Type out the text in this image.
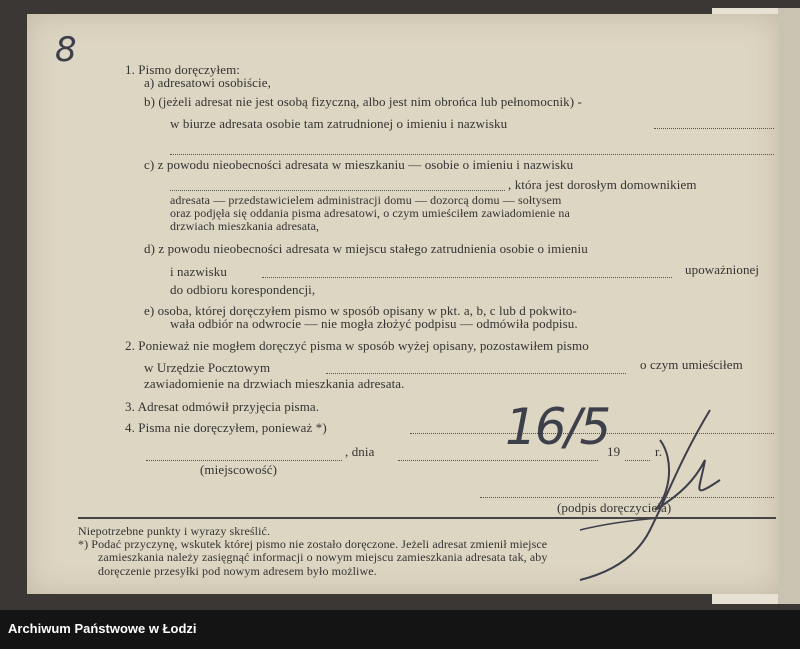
8	1. Pismo doręczyłem:
a) adresatowi osobiście,
b) (jeżeli adresat nie jest osobą fizyczną, albo jest nim obrońca lub pełnomocnik) -
w biurze adresata osobie tam zatrudnionej o imieniu i nazwisku
c) z powodu nieobecności adresata w mieszkaniu — osobie o imieniu i nazwisku
, która jest dorosłym domownikiem
adresata — przedstawicielem administracji domu — dozorcą domu — sołtysem
oraz podjęła się oddania pisma adresatowi, o czym umieściłem zawiadomienie na
drzwiach mieszkania adresata,
d) z powodu nieobecności adresata w miejscu stałego zatrudnienia osobie o imieniu
i nazwisku	upoważnionej
do odbioru korespondencji,
e) osoba, której doręczyłem pismo w sposób opisany w pkt. a, b, c lub d pokwito-
wała odbiór na odwrocie — nie mogła złożyć podpisu — odmówiła podpisu.
2. Ponieważ nie mogłem doręczyć pisma w sposób wyżej opisany, pozostawiłem pismo
w Urzędzie Pocztowym	o czym umieściłem
zawiadomienie na drzwiach mieszkania adresata.
3. Adresat odmówił przyjęcia pisma.
4. Pisma nie doręczyłem, ponieważ *)
, dnia	19	r.
(miejscowość)
(podpis doręczyciela)
16/5
Niepotrzebne punkty i wyrazy skreślić.
*) Podać przyczynę, wskutek której pismo nie zostało doręczone. Jeżeli adresat zmienił miejsce
zamieszkania należy zasięgnąć informacji o nowym miejscu zamieszkania adresata tak, aby
doręczenie przesyłki pod nowym adresem było możliwe.
Archiwum Państwowe w Łodzi
